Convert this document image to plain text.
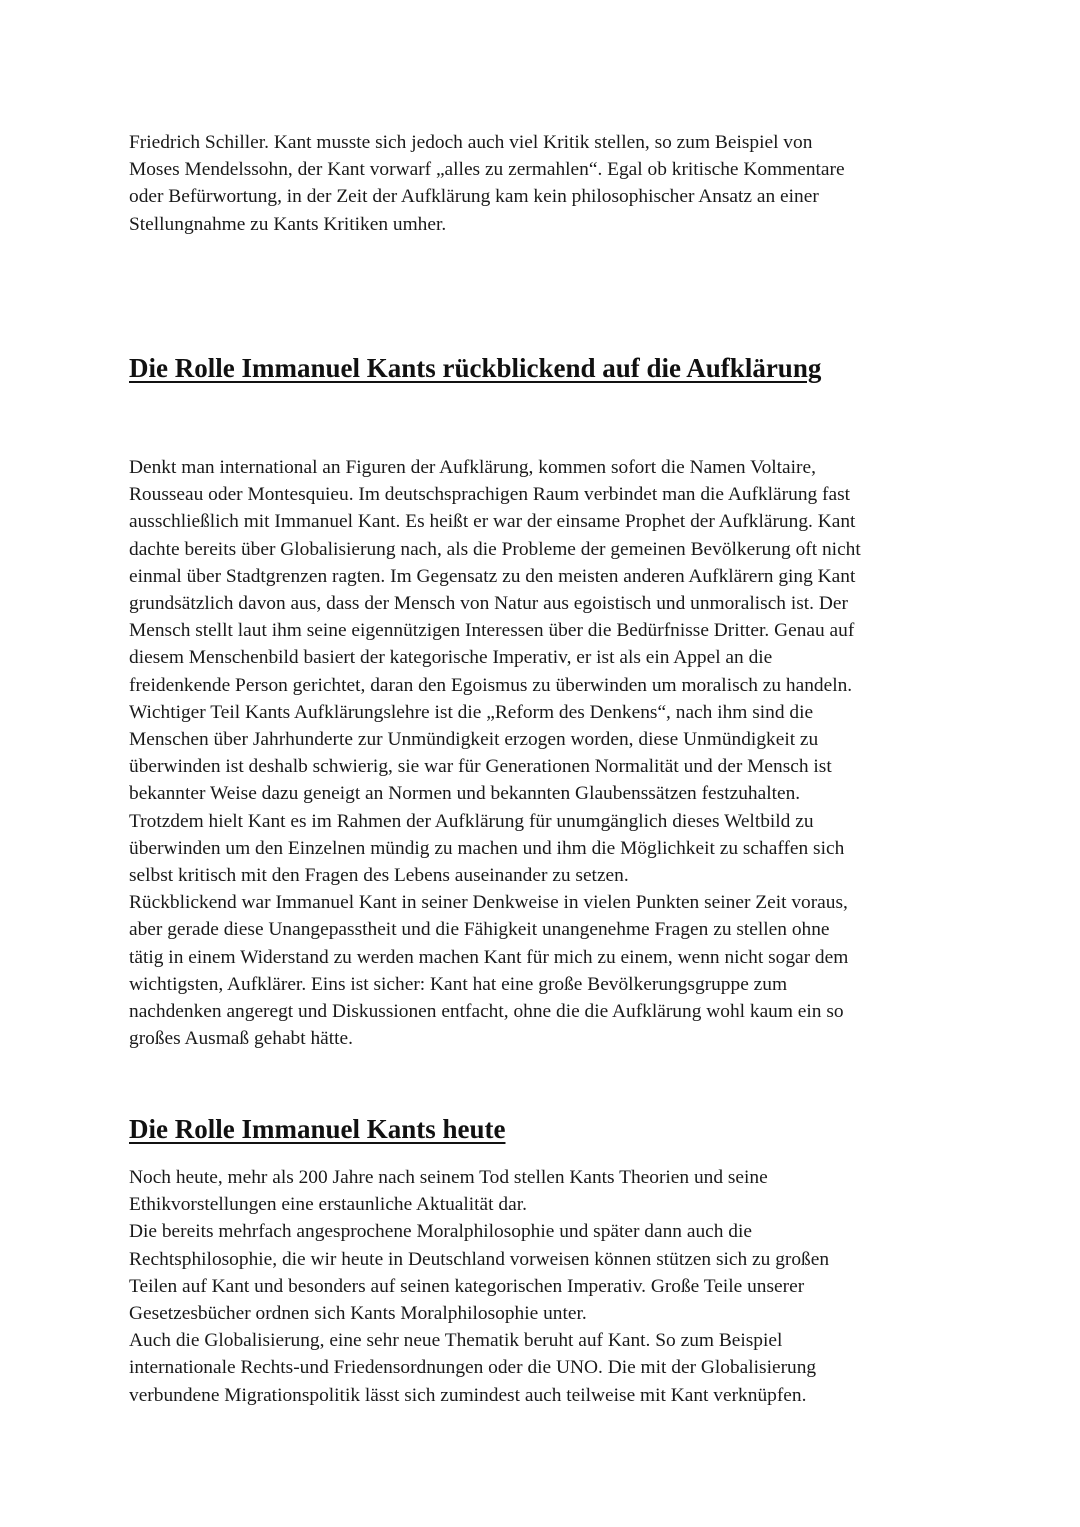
Friedrich Schiller. Kant musste sich jedoch auch viel Kritik stellen, so zum Beispiel von
Moses Mendelssohn, der Kant vorwarf „alles zu zermahlen“. Egal ob kritische Kommentare
oder Befürwortung, in der Zeit der Aufklärung kam kein philosophischer Ansatz an einer
Stellungnahme zu Kants Kritiken umher.
Die Rolle Immanuel Kants rückblickend auf die Aufklärung
Denkt man international an Figuren der Aufklärung, kommen sofort die Namen Voltaire,
Rousseau oder Montesquieu. Im deutschsprachigen Raum verbindet man die Aufklärung fast
ausschließlich mit Immanuel Kant. Es heißt er war der einsame Prophet der Aufklärung. Kant
dachte bereits über Globalisierung nach, als die Probleme der gemeinen Bevölkerung oft nicht
einmal über Stadtgrenzen ragten. Im Gegensatz zu den meisten anderen Aufklärern ging Kant
grundsätzlich davon aus, dass der Mensch von Natur aus egoistisch und unmoralisch ist. Der
Mensch stellt laut ihm seine eigennützigen Interessen über die Bedürfnisse Dritter. Genau auf
diesem Menschenbild basiert der kategorische Imperativ, er ist als ein Appel an die
freidenkende Person gerichtet, daran den Egoismus zu überwinden um moralisch zu handeln.
Wichtiger Teil Kants Aufklärungslehre ist die „Reform des Denkens“, nach ihm sind die
Menschen über Jahrhunderte zur Unmündigkeit erzogen worden, diese Unmündigkeit zu
überwinden ist deshalb schwierig, sie war für Generationen Normalität und der Mensch ist
bekannter Weise dazu geneigt an Normen und bekannten Glaubenssätzen festzuhalten.
Trotzdem hielt Kant es im Rahmen der Aufklärung für unumgänglich dieses Weltbild zu
überwinden um den Einzelnen mündig zu machen und ihm die Möglichkeit zu schaffen sich
selbst kritisch mit den Fragen des Lebens auseinander zu setzen.
Rückblickend war Immanuel Kant in seiner Denkweise in vielen Punkten seiner Zeit voraus,
aber gerade diese Unangepasstheit und die Fähigkeit unangenehme Fragen zu stellen ohne
tätig in einem Widerstand zu werden machen Kant für mich zu einem, wenn nicht sogar dem
wichtigsten, Aufklärer. Eins ist sicher: Kant hat eine große Bevölkerungsgruppe zum
nachdenken angeregt und Diskussionen entfacht, ohne die die Aufklärung wohl kaum ein so
großes Ausmaß gehabt hätte.
Die Rolle Immanuel Kants heute
Noch heute, mehr als 200 Jahre nach seinem Tod stellen Kants Theorien und seine
Ethikvorstellungen eine erstaunliche Aktualität dar.
Die bereits mehrfach angesprochene Moralphilosophie und später dann auch die
Rechtsphilosophie, die wir heute in Deutschland vorweisen können stützen sich zu großen
Teilen auf Kant und besonders auf seinen kategorischen Imperativ. Große Teile unserer
Gesetzesbücher ordnen sich Kants Moralphilosophie unter.
Auch die Globalisierung, eine sehr neue Thematik beruht auf Kant. So zum Beispiel
internationale Rechts-und Friedensordnungen oder die UNO. Die mit der Globalisierung
verbundene Migrationspolitik lässt sich zumindest auch teilweise mit Kant verknüpfen.
